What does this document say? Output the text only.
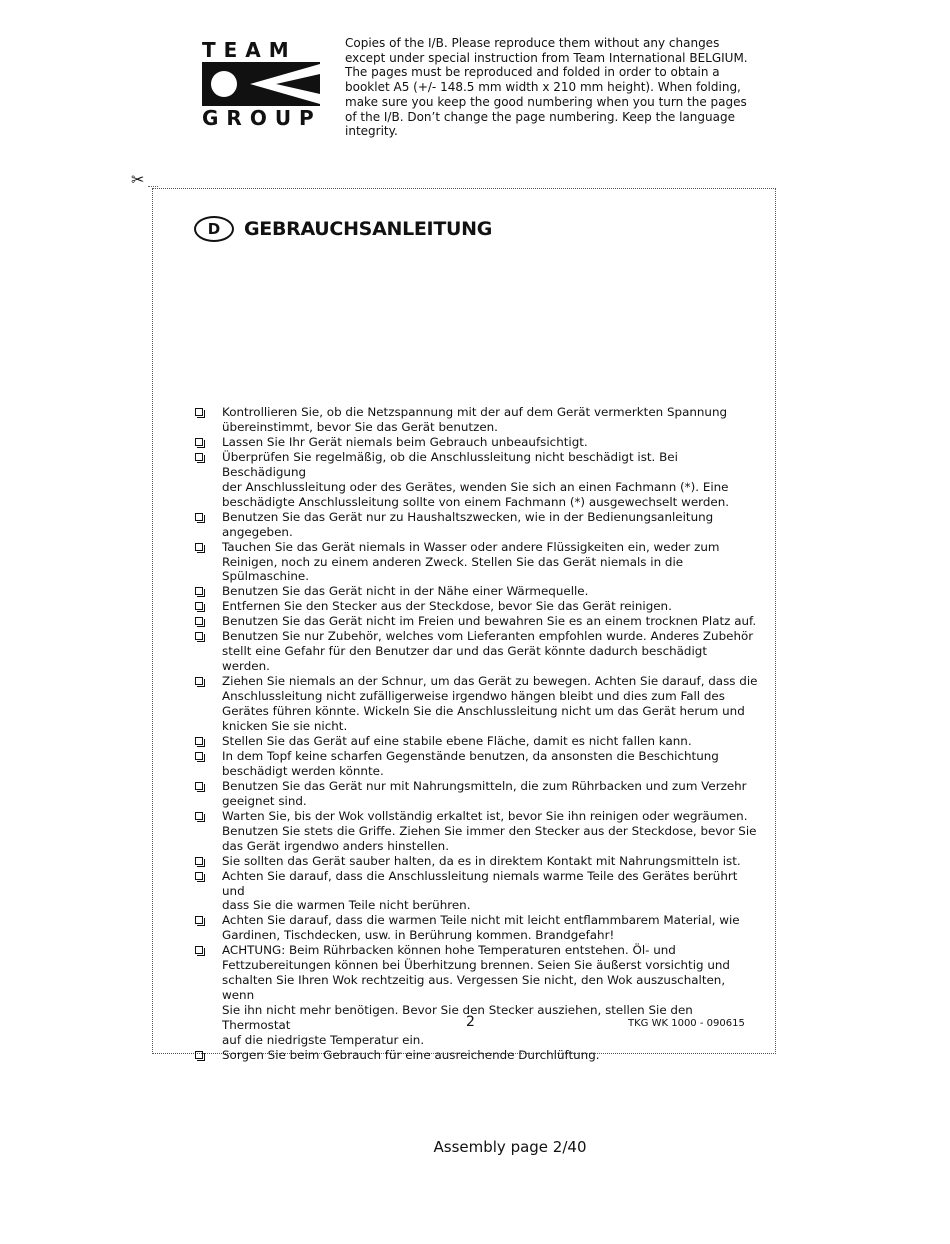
TEAM
GROUP
Copies of the I/B. Please reproduce them without any changes
except under special instruction from Team International BELGIUM.
The pages must be reproduced and folded in order to obtain a
booklet A5 (+/- 148.5 mm width x 210 mm height). When folding,
make sure you keep the good numbering when you turn the pages
of the I/B. Don’t change the page numbering. Keep the language
integrity.
✂
D	GEBRAUCHSANLEITUNG
Kontrollieren Sie, ob die Netzspannung mit der auf dem Gerät vermerkten Spannung
übereinstimmt, bevor Sie das Gerät benutzen.
Lassen Sie Ihr Gerät niemals beim Gebrauch unbeaufsichtigt.
Überprüfen Sie regelmäßig, ob die Anschlussleitung nicht beschädigt ist. Bei Beschädigung
der Anschlussleitung oder des Gerätes, wenden Sie sich an einen Fachmann (*). Eine
beschädigte Anschlussleitung sollte von einem Fachmann (*) ausgewechselt werden.
Benutzen Sie das Gerät nur zu Haushaltszwecken, wie in der Bedienungsanleitung
angegeben.
Tauchen Sie das Gerät niemals in Wasser oder andere Flüssigkeiten ein, weder zum
Reinigen, noch zu einem anderen Zweck. Stellen Sie das Gerät niemals in die
Spülmaschine.
Benutzen Sie das Gerät nicht in der Nähe einer Wärmequelle.
Entfernen Sie den Stecker aus der Steckdose, bevor Sie das Gerät reinigen.
Benutzen Sie das Gerät nicht im Freien und bewahren Sie es an einem trocknen Platz auf.
Benutzen Sie nur Zubehör, welches vom Lieferanten empfohlen wurde. Anderes Zubehör
stellt eine Gefahr für den Benutzer dar und das Gerät könnte dadurch beschädigt
werden.
Ziehen Sie niemals an der Schnur, um das Gerät zu bewegen. Achten Sie darauf, dass die
Anschlussleitung nicht zufälligerweise irgendwo hängen bleibt und dies zum Fall des
Gerätes führen könnte. Wickeln Sie die Anschlussleitung nicht um das Gerät herum und
knicken Sie sie nicht.
Stellen Sie das Gerät auf eine stabile ebene Fläche, damit es nicht fallen kann.
In dem Topf keine scharfen Gegenstände benutzen, da ansonsten die Beschichtung
beschädigt werden könnte.
Benutzen Sie das Gerät nur mit Nahrungsmitteln, die zum Rührbacken und zum Verzehr
geeignet sind.
Warten Sie, bis der Wok vollständig erkaltet ist, bevor Sie ihn reinigen oder wegräumen.
Benutzen Sie stets die Griffe. Ziehen Sie immer den Stecker aus der Steckdose, bevor Sie
das Gerät irgendwo anders hinstellen.
Sie sollten das Gerät sauber halten, da es in direktem Kontakt mit Nahrungsmitteln ist.
Achten Sie darauf, dass die Anschlussleitung niemals warme Teile des Gerätes berührt und
dass Sie die warmen Teile nicht berühren.
Achten Sie darauf, dass die warmen Teile nicht mit leicht entflammbarem Material, wie
Gardinen, Tischdecken, usw. in Berührung kommen. Brandgefahr!
ACHTUNG: Beim Rührbacken können hohe Temperaturen entstehen. Öl- und
Fettzubereitungen können bei Überhitzung brennen. Seien Sie äußerst vorsichtig und
schalten Sie Ihren Wok rechtzeitig aus. Vergessen Sie nicht, den Wok auszuschalten, wenn
Sie ihn nicht mehr benötigen. Bevor Sie den Stecker ausziehen, stellen Sie den Thermostat
auf die niedrigste Temperatur ein.
Sorgen Sie beim Gebrauch für eine ausreichende Durchlüftung.
2	TKG WK 1000 - 090615
Assembly page 2/40
